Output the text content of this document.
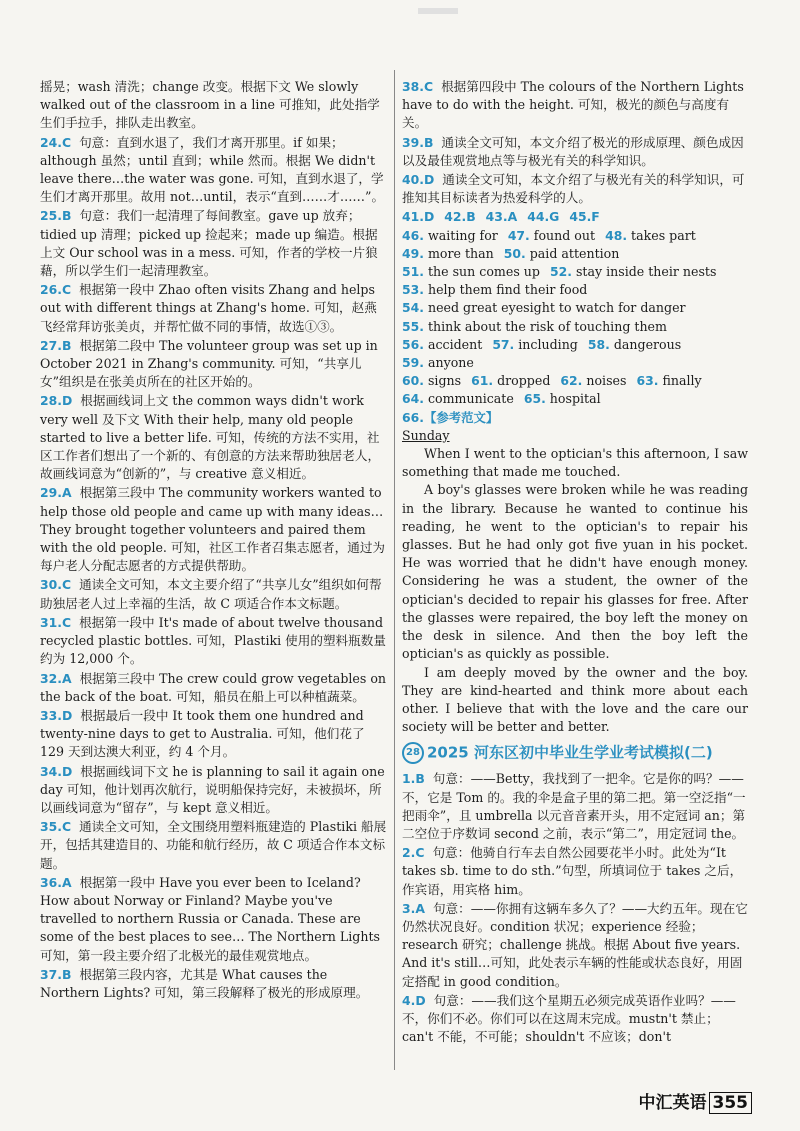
摇晃；wash 清洗；change 改变。根据下文 We slowly walked out of the classroom in a line 可推知，此处指学生们手拉手，排队走出教室。
24.C 句意：直到水退了，我们才离开那里。if 如果；although 虽然；until 直到；while 然而。根据 We didn't leave there…the water was gone. 可知，直到水退了，学生们才离开那里。故用 not…until，表示“直到……才……”。
25.B 句意：我们一起清理了每间教室。gave up 放弃；tidied up 清理；picked up 捡起来；made up 编造。根据上文 Our school was in a mess. 可知，作者的学校一片狼藉，所以学生们一起清理教室。
26.C 根据第一段中 Zhao often visits Zhang and helps out with different things at Zhang's home. 可知，赵燕飞经常拜访张美贞，并帮忙做不同的事情，故选①③。
27.B 根据第二段中 The volunteer group was set up in October 2021 in Zhang's community. 可知，“共享儿女”组织是在张美贞所在的社区开始的。
28.D 根据画线词上文 the common ways didn't work very well 及下文 With their help, many old people started to live a better life. 可知，传统的方法不实用，社区工作者们想出了一个新的、有创意的方法来帮助独居老人，故画线词意为“创新的”，与 creative 意义相近。
29.A 根据第三段中 The community workers wanted to help those old people and came up with many ideas… They brought together volunteers and paired them with the old people. 可知，社区工作者召集志愿者，通过为每户老人分配志愿者的方式提供帮助。
30.C 通读全文可知，本文主要介绍了“共享儿女”组织如何帮助独居老人过上幸福的生活，故 C 项适合作本文标题。
31.C 根据第一段中 It's made of about twelve thousand recycled plastic bottles. 可知，Plastiki 使用的塑料瓶数量约为 12,000 个。
32.A 根据第三段中 The crew could grow vegetables on the back of the boat. 可知，船员在船上可以种植蔬菜。
33.D 根据最后一段中 It took them one hundred and twenty-nine days to get to Australia. 可知，他们花了 129 天到达澳大利亚，约 4 个月。
34.D 根据画线词下文 he is planning to sail it again one day 可知，他计划再次航行，说明船保持完好，未被损坏，所以画线词意为“留存”，与 kept 意义相近。
35.C 通读全文可知，全文围绕用塑料瓶建造的 Plastiki 船展开，包括其建造目的、功能和航行经历，故 C 项适合作本文标题。
36.A 根据第一段中 Have you ever been to Iceland? How about Norway or Finland? Maybe you've travelled to northern Russia or Canada. These are some of the best places to see… The Northern Lights 可知，第一段主要介绍了北极光的最佳观赏地点。
37.B 根据第三段内容，尤其是 What causes the Northern Lights? 可知，第三段解释了极光的形成原理。
38.C 根据第四段中 The colours of the Northern Lights have to do with the height. 可知，极光的颜色与高度有关。
39.B 通读全文可知，本文介绍了极光的形成原理、颜色成因以及最佳观赏地点等与极光有关的科学知识。
40.D 通读全文可知，本文介绍了与极光有关的科学知识，可推知其目标读者为热爱科学的人。
41.D 42.B 43.A 44.G 45.F
46. waiting for 47. found out 48. takes part
49. more than 50. paid attention
51. the sun comes up 52. stay inside their nests
53. help them find their food
54. need great eyesight to watch for danger
55. think about the risk of touching them
56. accident 57. including 58. dangerous
59. anyone
60. signs 61. dropped 62. noises 63. finally
64. communicate 65. hospital
66.【参考范文】

Sunday

When I went to the optician's this afternoon, I saw something that made me touched.

A boy's glasses were broken while he was reading in the library. Because he wanted to continue his reading, he went to the optician's to repair his glasses. But he had only got five yuan in his pocket. He was worried that he didn't have enough money. Considering he was a student, the owner of the optician's decided to repair his glasses for free. After the glasses were repaired, the boy left the money on the desk in silence. And then the boy left the optician's as quickly as possible.

I am deeply moved by the owner and the boy. They are kind-hearted and think more about each other. I believe that with the love and the care our society will be better and better.

28 2025 河东区初中毕业生学业考试模拟(二)
1.B 句意：——Betty，我找到了一把伞。它是你的吗？——不，它是 Tom 的。我的伞是盒子里的第二把。第一空泛指“一把雨伞”，且 umbrella 以元音音素开头，用不定冠词 an；第二空位于序数词 second 之前，表示“第二”，用定冠词 the。
2.C 句意：他骑自行车去自然公园要花半小时。此处为“It takes sb. time to do sth.”句型，所填词位于 takes 之后，作宾语，用宾格 him。
3.A 句意：——你拥有这辆车多久了？——大约五年。现在它仍然状况良好。condition 状况；experience 经验；research 研究；challenge 挑战。根据 About five years. And it's still…可知，此处表示车辆的性能或状态良好，用固定搭配 in good condition。
4.D 句意：——我们这个星期五必须完成英语作业吗？——不，你们不必。你们可以在这周末完成。mustn't 禁止；can't 不能，不可能；shouldn't 不应该；don't
中汇英语 355
